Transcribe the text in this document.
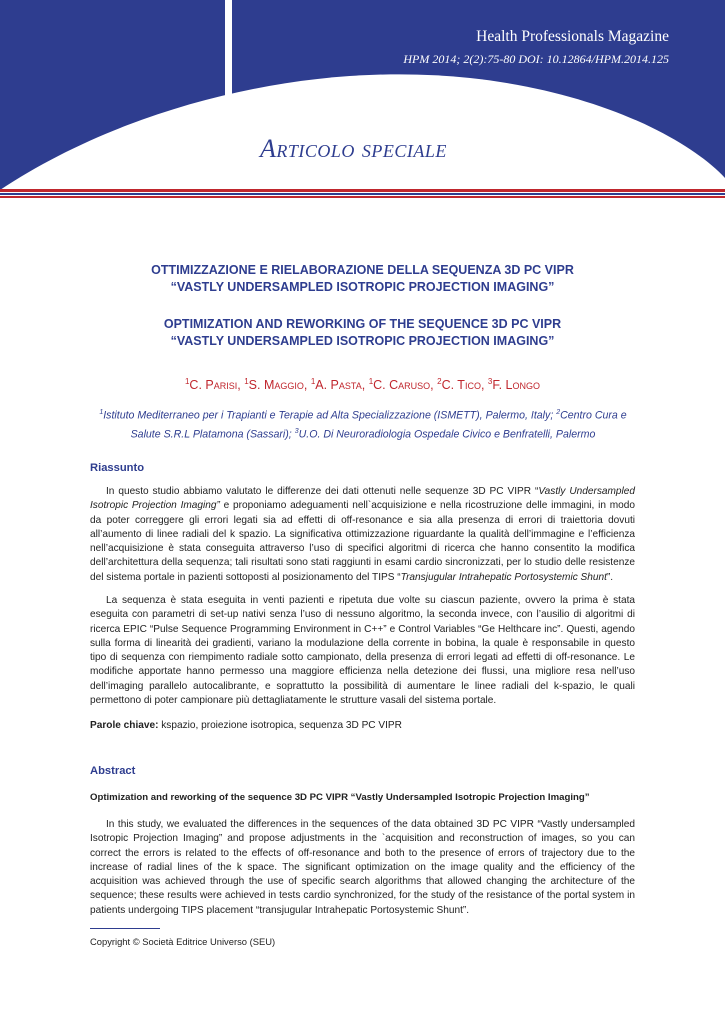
Health Professionals Magazine

HPM 2014; 2(2):75-80 DOI: 10.12864/HPM.2014.125

Articolo speciale

OTTIMIZZAZIONE E RIELABORAZIONE DELLA SEQUENZA 3D PC VIPR
“VASTLY UNDERSAMPLED ISOTROPIC PROJECTION IMAGING”

OPTIMIZATION AND REWORKING OF THE SEQUENCE 3D PC VIPR
“VASTLY UNDERSAMPLED ISOTROPIC PROJECTION IMAGING”

$^1$C. Parisi, $^1$S. Maggio, $^1$A. Pasta, $^1$C. Caruso, $^2$C. Tico, $^3$F. Longo

$^1$Istituto Mediterraneo per i Trapianti e Terapie ad Alta Specializzazione (ISMETT), Palermo, Italy; $^2$Centro Cura e Salute S.R.L Platamona (Sassari); $^3$U.O. Di Neuroradiologia Ospedale Civico e Benfratelli, Palermo

Riassunto

In questo studio abbiamo valutato le differenze dei dati ottenuti nelle sequenze 3D PC VIPR “Vastly Undersampled Isotropic Projection Imaging” e proponiamo adeguamenti nell`acquisizione e nella ricostruzione delle immagini, in modo da poter correggere gli errori legati sia ad effetti di off-resonance e sia alla presenza di errori di traiettoria dovuti all’aumento di linee radiali del k spazio. La significativa ottimizzazione riguardante la qualità dell’immagine e l’efficienza nell’acquisizione è stata conseguita attraverso l’uso di specifici algoritmi di ricerca che hanno consentito la modifica dell’architettura della sequenza; tali risultati sono stati raggiunti in esami cardio sincronizzati, per lo studio delle resistenze del sistema portale in pazienti sottoposti al posizionamento del TIPS “Transjugular Intrahepatic Portosystemic Shunt”.

La sequenza è stata eseguita in venti pazienti e ripetuta due volte su ciascun paziente, ovvero la prima è stata eseguita con parametri di set-up nativi senza l’uso di nessuno algoritmo, la seconda invece, con l’ausilio di algoritmi di ricerca EPIC “Pulse Sequence Programming Environment in C++” e Control Variables “Ge Helthcare inc”. Questi, agendo sulla forma di linearità dei gradienti, variano la modulazione della corrente in bobina, la quale è responsabile in questo tipo di sequenza con riempimento radiale sotto campionato, della presenza di errori legati ad effetti di off-resonance. Le modifiche apportate hanno permesso una maggiore efficienza nella detezione dei flussi, una migliore resa nell’uso dell’imaging parallelo autocalibrante, e soprattutto la possibilità di aumentare le linee radiali del k-spazio, le quali permettono di poter campionare più dettagliatamente le strutture vasali del sistema portale.

Parole chiave: kspazio, proiezione isotropica, sequenza 3D PC VIPR

Abstract

Optimization and reworking of the sequence 3D PC VIPR “Vastly Undersampled Isotropic Projection Imaging”

In this study, we evaluated the differences in the sequences of the data obtained 3D PC VIPR “Vastly undersampled Isotropic Projection Imaging” and propose adjustments in the `acquisition and reconstruction of images, so you can correct the errors is related to the effects of off-resonance and both to the presence of errors of trajectory due to the increase of radial lines of the k space. The significant optimization on the image quality and the efficiency of the acquisition was achieved through the use of specific search algorithms that allowed changing the architecture of the sequence; these results were achieved in tests cardio synchronized, for the study of the resistance of the portal system in patients undergoing TIPS placement “transjugular Intrahepatic Portosystemic Shunt”.

Copyright © Società Editrice Universo (SEU)
